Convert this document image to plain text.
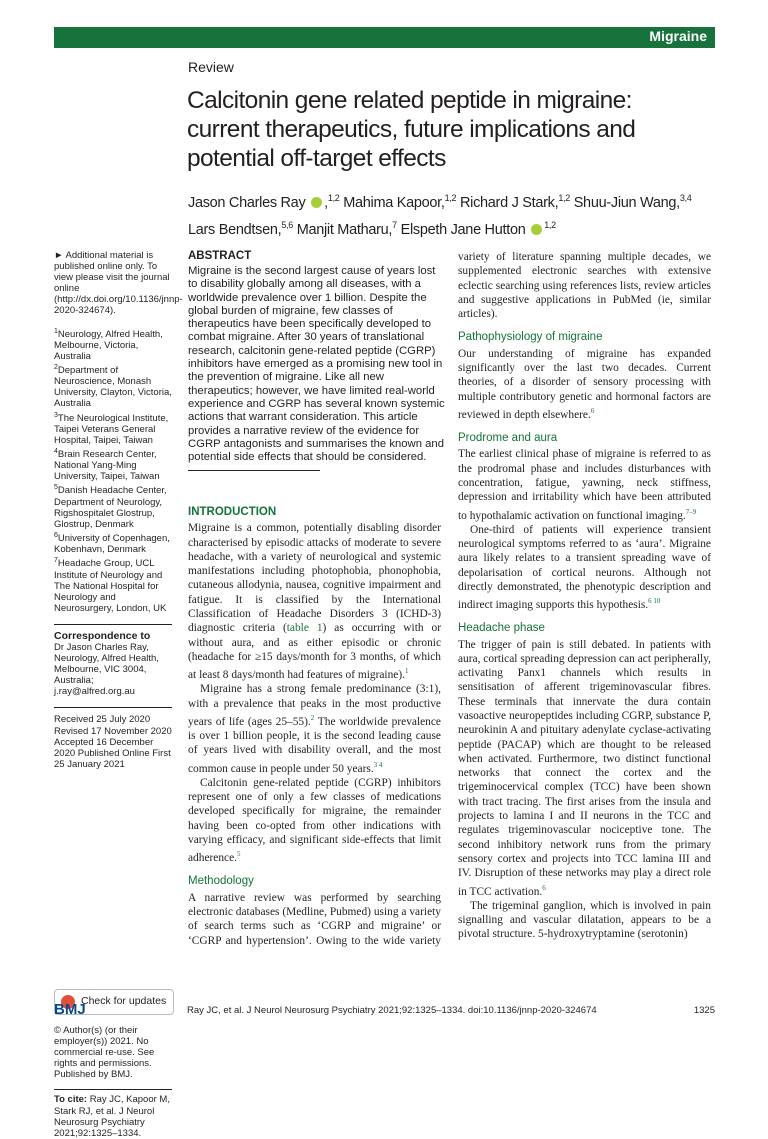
Migraine
Review
Calcitonin gene related peptide in migraine: current therapeutics, future implications and potential off-target effects
Jason Charles Ray ,$^{1,2}$ Mahima Kapoor,$^{1,2}$ Richard J Stark,$^{1,2}$ Shuu-Jiun Wang,$^{3,4}$
Lars Bendtsen,$^{5,6}$ Manjit Matharu,$^7$ Elspeth Jane Hutton $^{1,2}$

► Additional material is published online only. To view please visit the journal online (http://dx.doi.org/10.1136/jnnp-2020-324674).

$^1$Neurology, Alfred Health, Melbourne, Victoria, Australia

$^2$Department of Neuroscience, Monash University, Clayton, Victoria, Australia

$^3$The Neurological Institute, Taipei Veterans General Hospital, Taipei, Taiwan

$^4$Brain Research Center, National Yang-Ming University, Taipei, Taiwan

$^5$Danish Headache Center, Department of Neurology, Rigshospitalet Glostrup, Glostrup, Denmark

$^6$University of Copenhagen, Kobenhavn, Denmark

$^7$Headache Group, UCL Institute of Neurology and The National Hospital for Neurology and Neurosurgery, London, UK

Correspondence to

Dr Jason Charles Ray, Neurology, Alfred Health, Melbourne, VIC 3004, Australia; j.ray@alfred.org.au

Received 25 July 2020 Revised 17 November 2020 Accepted 16 December 2020 Published Online First 25 January 2021

Check for updates

© Author(s) (or their employer(s)) 2021. No commercial re-use. See rights and permissions. Published by BMJ.

To cite: Ray JC, Kapoor M, Stark RJ, et al. J Neurol Neurosurg Psychiatry 2021;92:1325–1334.
ABSTRACT
Migraine is the second largest cause of years lost to disability globally among all diseases, with a worldwide prevalence over 1 billion. Despite the global burden of migraine, few classes of therapeutics have been specifically developed to combat migraine. After 30 years of translational research, calcitonin gene-related peptide (CGRP) inhibitors have emerged as a promising new tool in the prevention of migraine. Like all new therapeutics; however, we have limited real-world experience and CGRP has several known systemic actions that warrant consideration. This article provides a narrative review of the evidence for CGRP antagonists and summarises the known and potential side effects that should be considered.
INTRODUCTION

Migraine is a common, potentially disabling disorder characterised by episodic attacks of moderate to severe headache, with a variety of neurological and systemic manifestations including photophobia, phonophobia, cutaneous allodynia, nausea, cognitive impairment and fatigue. It is classified by the International Classification of Headache Disorders 3 (ICHD-3) diagnostic criteria (table 1) as occurring with or without aura, and as either episodic or chronic (headache for ≥15 days/month for 3 months, of which at least 8 days/month had features of migraine).$^1$

Migraine has a strong female predominance (3:1), with a prevalence that peaks in the most productive years of life (ages 25–55).$^2$ The worldwide prevalence is over 1 billion people, it is the second leading cause of years lived with disability overall, and the most common cause in people under 50 years.$^{3 4}$

Calcitonin gene-related peptide (CGRP) inhibitors represent one of only a few classes of medications developed specifically for migraine, the remainder having been co-opted from other indications with varying efficacy, and significant side-effects that limit adherence.$^5$

Methodology

A narrative review was performed by searching electronic databases (Medline, Pubmed) using a variety of search terms such as ‘CGRP and migraine’ or ‘CGRP and hypertension’. Owing to the wide variety

variety of literature spanning multiple decades, we supplemented electronic searches with extensive eclectic searching using references lists, review articles and suggestive applications in PubMed (ie, similar articles).

Pathophysiology of migraine

Our understanding of migraine has expanded significantly over the last two decades. Current theories, of a disorder of sensory processing with multiple contributory genetic and hormonal factors are reviewed in depth elsewhere.$^6$

Prodrome and aura

The earliest clinical phase of migraine is referred to as the prodromal phase and includes disturbances with concentration, fatigue, yawning, neck stiffness, depression and irritability which have been attributed to hypothalamic activation on functional imaging.$^{7-9}$

One-third of patients will experience transient neurological symptoms referred to as ‘aura’. Migraine aura likely relates to a transient spreading wave of depolarisation of cortical neurons. Although not directly demonstrated, the phenotypic description and indirect imaging supports this hypothesis.$^{6 10}$

Headache phase

The trigger of pain is still debated. In patients with aura, cortical spreading depression can act peripherally, activating Panx1 channels which results in sensitisation of afferent trigeminovascular fibres. These terminals that innervate the dura contain vasoactive neuropeptides including CGRP, substance P, neurokinin A and pituitary adenylate cyclase-activating peptide (PACAP) which are thought to be released when activated. Furthermore, two distinct functional networks that connect the cortex and the trigeminocervical complex (TCC) have been shown with tract tracing. The first arises from the insula and projects to lamina I and II neurons in the TCC and regulates trigeminovascular nociceptive tone. The second inhibitory network runs from the primary sensory cortex and projects into TCC lamina III and IV. Disruption of these networks may play a direct role in TCC activation.$^6$

The trigeminal ganglion, which is involved in pain signalling and vascular dilatation, appears to be a pivotal structure. 5-hydroxytryptamine (serotonin)

BMJ	Ray JC, et al. J Neurol Neurosurg Psychiatry 2021;92:1325–1334. doi:10.1136/jnnp-2020-324674	1325
